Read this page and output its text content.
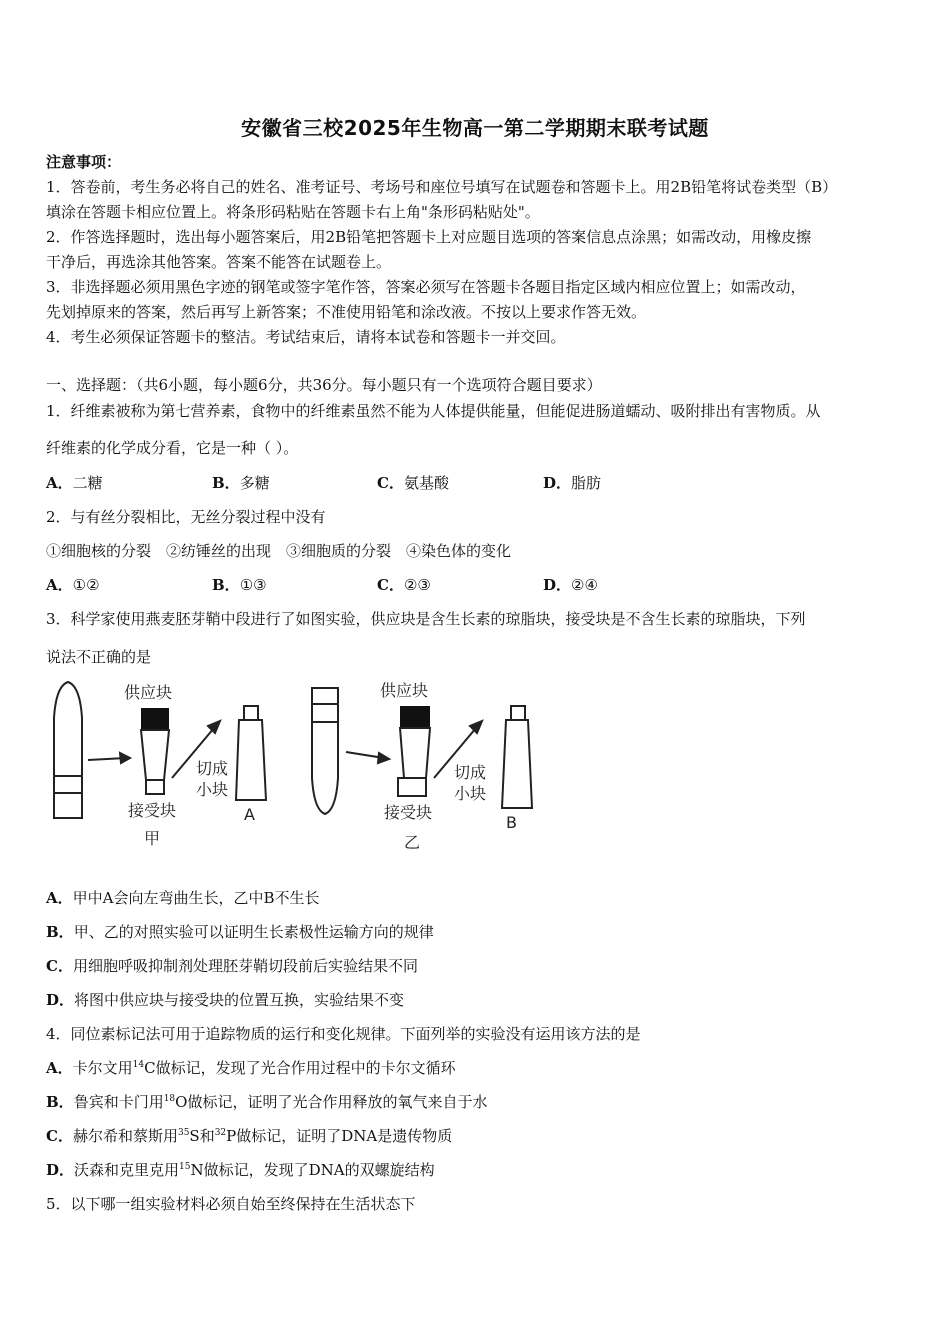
安徽省三校2025年生物高一第二学期期末联考试题
注意事项：
1．答卷前，考生务必将自己的姓名、准考证号、考场号和座位号填写在试题卷和答题卡上。用2B铅笔将试卷类型（B）
填涂在答题卡相应位置上。将条形码粘贴在答题卡右上角"条形码粘贴处"。
2．作答选择题时，选出每小题答案后，用2B铅笔把答题卡上对应题目选项的答案信息点涂黑；如需改动，用橡皮擦
干净后，再选涂其他答案。答案不能答在试题卷上。
3．非选择题必须用黑色字迹的钢笔或签字笔作答，答案必须写在答题卡各题目指定区域内相应位置上；如需改动，
先划掉原来的答案，然后再写上新答案；不准使用铅笔和涂改液。不按以上要求作答无效。
4．考生必须保证答题卡的整洁。考试结束后，请将本试卷和答题卡一并交回。
一、选择题：（共6小题，每小题6分，共36分。每小题只有一个选项符合题目要求）
1．纤维素被称为第七营养素，食物中的纤维素虽然不能为人体提供能量，但能促进肠道蠕动、吸附排出有害物质。从
纤维素的化学成分看，它是一种（ ）。
A．二糖	B．多糖	C．氨基酸	D．脂肪
2．与有丝分裂相比，无丝分裂过程中没有
①细胞核的分裂　②纺锤丝的出现　③细胞质的分裂　④染色体的变化
A．①②	B．①③	C．②③	D．②④
3．科学家使用燕麦胚芽鞘中段进行了如图实验，供应块是含生长素的琼脂块，接受块是不含生长素的琼脂块，下列
说法不正确的是
供应块
接受块
切成
小块
甲
A
供应块
接受块
切成
小块
乙
B
A．甲中A会向左弯曲生长，乙中B不生长
B．甲、乙的对照实验可以证明生长素极性运输方向的规律
C．用细胞呼吸抑制剂处理胚芽鞘切段前后实验结果不同
D．将图中供应块与接受块的位置互换，实验结果不变
4．同位素标记法可用于追踪物质的运行和变化规律。下面列举的实验没有运用该方法的是
A．卡尔文用$^{14}$C做标记，发现了光合作用过程中的卡尔文循环
B．鲁宾和卡门用$^{18}$O做标记，证明了光合作用释放的氧气来自于水
C．赫尔希和蔡斯用$^{35}$S和$^{32}$P做标记，证明了DNA是遗传物质
D．沃森和克里克用$^{15}$N做标记，发现了DNA的双螺旋结构
5．以下哪一组实验材料必须自始至终保持在生活状态下
